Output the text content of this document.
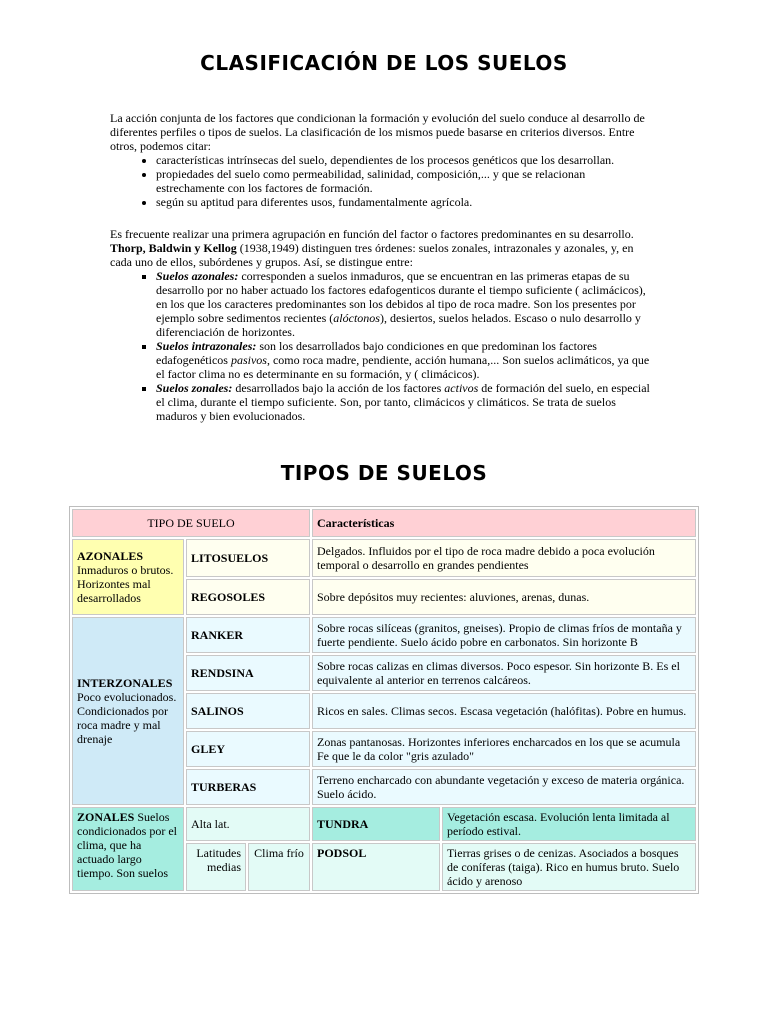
CLASIFICACIÓN DE LOS SUELOS
La acción conjunta de los factores que condicionan la formación y evolución del suelo conduce al desarrollo de diferentes perfiles o tipos de suelos. La clasificación de los mismos puede basarse en criterios diversos. Entre otros, podemos citar:
• características intrínsecas del suelo, dependientes de los procesos genéticos que los desarrollan.
• propiedades del suelo como permeabilidad, salinidad, composición,... y que se relacionan estrechamente con los factores de formación.
• según su aptitud para diferentes usos, fundamentalmente agrícola.
Es frecuente realizar una primera agrupación en función del factor o factores predominantes en su desarrollo. Thorp, Baldwin y Kellog (1938,1949) distinguen tres órdenes: suelos zonales, intrazonales y azonales, y, en cada uno de ellos, subórdenes y grupos. Así, se distingue entre:
▪ Suelos azonales: corresponden a suelos inmaduros, que se encuentran en las primeras etapas de su desarrollo por no haber actuado los factores edafogenticos durante el tiempo suficiente ( aclimácicos), en los que los caracteres predominantes son los debidos al tipo de roca madre. Son los presentes por ejemplo sobre sedimentos recientes (alóctonos), desiertos, suelos helados. Escaso o nulo desarrollo y diferenciación de horizontes.
▪ Suelos intrazonales: son los desarrollados bajo condiciones en que predominan los factores edafogenéticos pasivos, como roca madre, pendiente, acción humana,... Son suelos aclimáticos, ya que el factor clima no es determinante en su formación, y ( climácicos).
▪ Suelos zonales: desarrollados bajo la acción de los factores activos de formación del suelo, en especial el clima, durante el tiempo suficiente. Son, por tanto, climácicos y climáticos. Se trata de suelos maduros y bien evolucionados.
TIPOS DE SUELOS
TIPO DE SUELO			Características	
AZONALES Inmaduros o brutos. Horizontes mal desarrollados	LITOSUELOS		Delgados. Influidos por el tipo de roca madre debido a poca evolución temporal o desarrollo en grandes pendientes	
	REGOSOLES		Sobre depósitos muy recientes: aluviones, arenas, dunas.	
INTERZONALES Poco evolucionados. Condicionados por roca madre y mal drenaje	RANKER		Sobre rocas silíceas (granitos, gneises). Propio de climas fríos de montaña y fuerte pendiente. Suelo ácido pobre en carbonatos. Sin horizonte B	
	RENDSINA		Sobre rocas calizas en climas diversos. Poco espesor. Sin horizonte B. Es el equivalente al anterior en terrenos calcáreos.	
	SALINOS		Ricos en sales. Climas secos. Escasa vegetación (halófitas). Pobre en humus.	
	GLEY		Zonas pantanosas. Horizontes inferiores encharcados en los que se acumula Fe que le da color "gris azulado"	
	TURBERAS		Terreno encharcado con abundante vegetación y exceso de materia orgánica. Suelo ácido.	
ZONALES Suelos condicionados por el clima, que ha actuado largo tiempo. Son suelos	Alta lat.		TUNDRA	Vegetación escasa. Evolución lenta limitada al período estival.
	Latitudes medias	Clima frío	PODSOL	Tierras grises o de cenizas. Asociados a bosques de coníferas (taiga). Rico en humus bruto. Suelo ácido y arenoso
